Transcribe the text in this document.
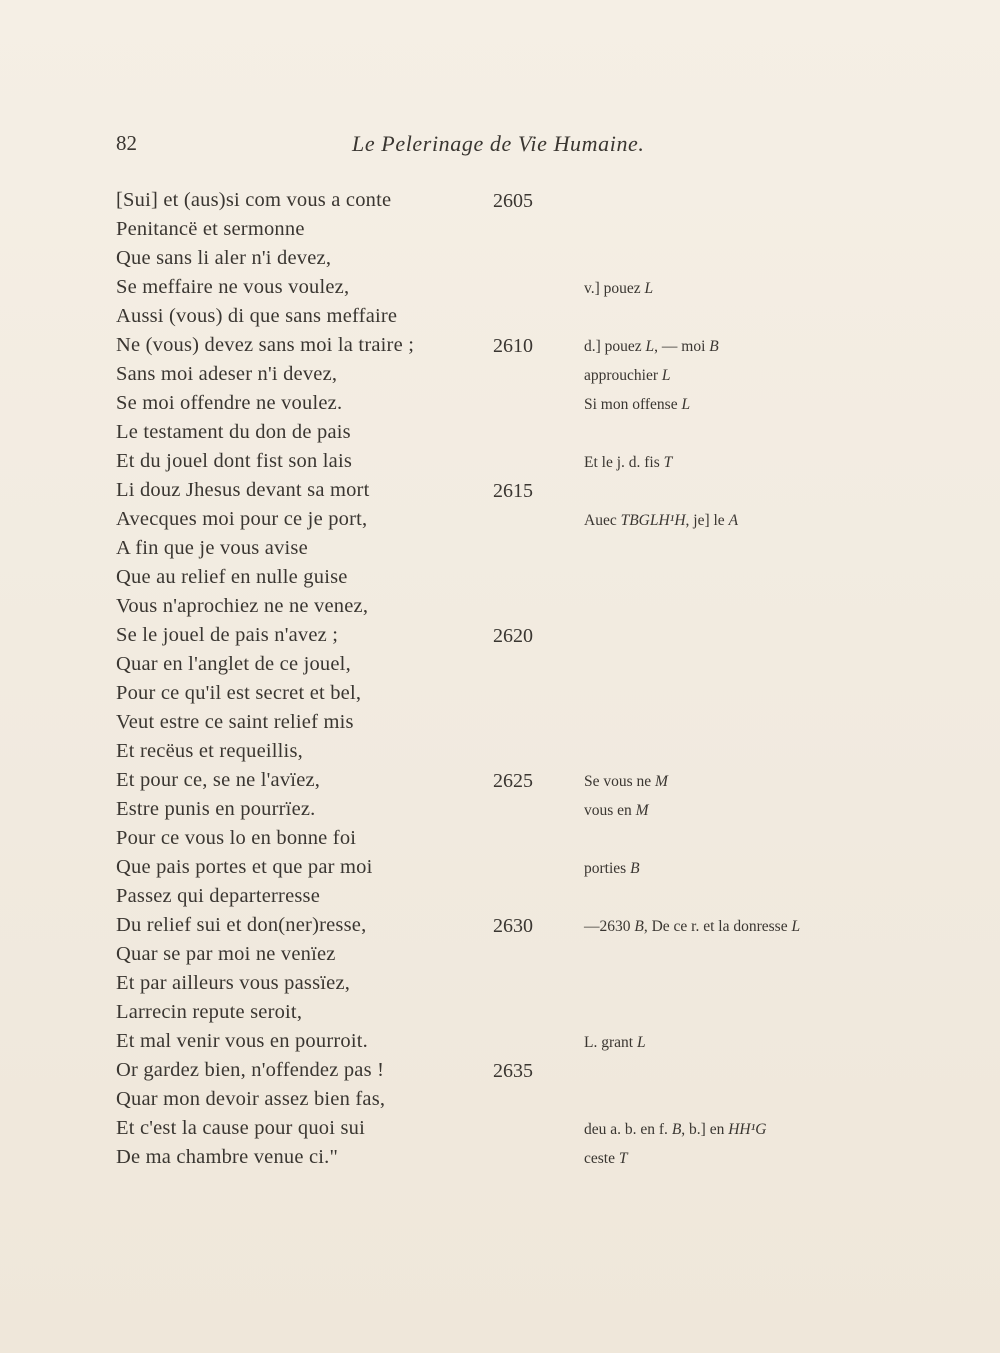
82	Le Pelerinage de Vie Humaine.
[Sui] et (aus)si com vous a conte
Penitancë et sermonne
Que sans li aler n'i devez,
Se meffaire ne vous voulez,
Aussi (vous) di que sans meffaire
Ne (vous) devez sans moi la traire ;
Sans moi adeser n'i devez,
Se moi offendre ne voulez.
Le testament du don de pais
Et du jouel dont fist son lais
Li douz Jhesus devant sa mort
Avecques moi pour ce je port,
A fin que je vous avise
Que au relief en nulle guise
Vous n'aprochiez ne ne venez,
Se le jouel de pais n'avez ;
Quar en l'anglet de ce jouel,
Pour ce qu'il est secret et bel,
Veut estre ce saint relief mis
Et recëus et requeillis,
Et pour ce, se ne l'avïez,
Estre punis en pourrïez.
Pour ce vous lo en bonne foi
Que pais portes et que par moi
Passez qui departerresse
Du relief sui et don(ner)resse,
Quar se par moi ne venïez
Et par ailleurs vous passïez,
Larrecin repute seroit,
Et mal venir vous en pourroit.
Or gardez bien, n'offendez pas !
Quar mon devoir assez bien fas,
Et c'est la cause pour quoi sui
De ma chambre venue ci."
2605
2610
2615
2620
2625
2630
2635
v.] pouez L
d.] pouez L, — moi B
approuchier L
Si mon offense L
Et le j. d. fis T
Auec TBGLH¹H, je] le A
Se vous ne M
vous en M
porties B
—2630 B, De ce r. et la donresse L
L. grant L
deu a. b. en f. B, b.] en HH¹G
ceste T
